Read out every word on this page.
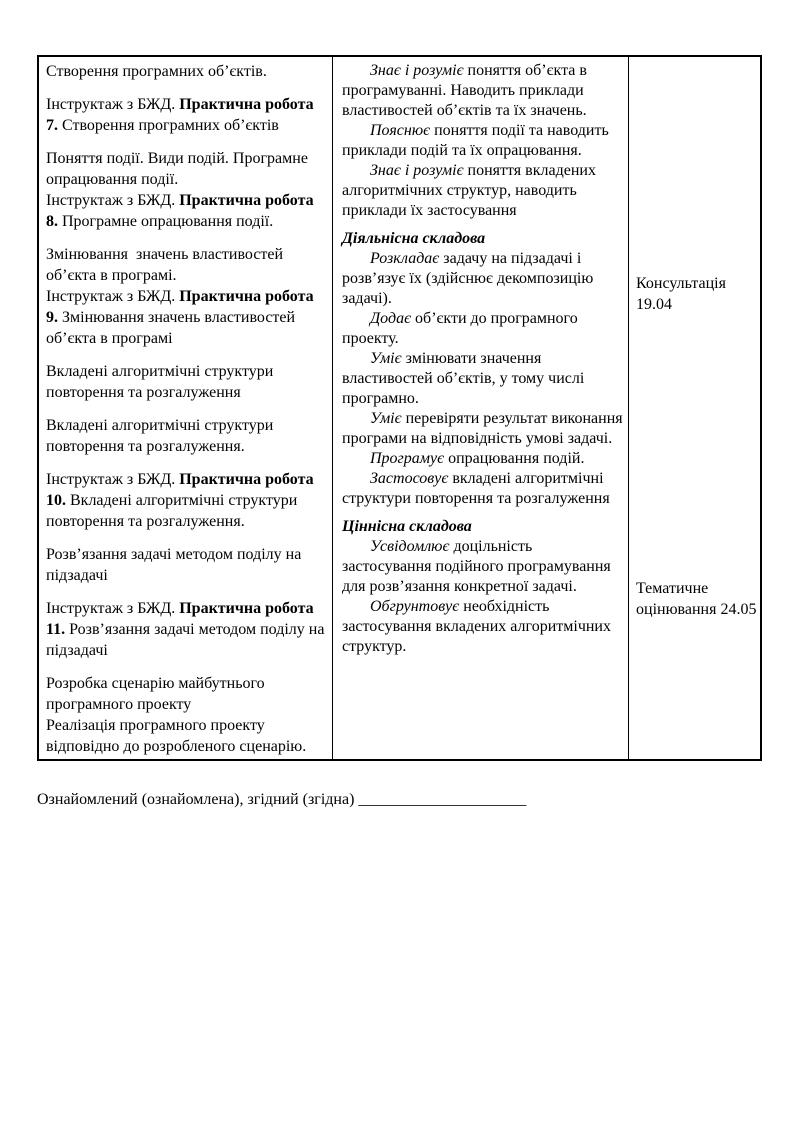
Створення програмних об’єктів.

Інструктаж з БЖД. Практична робота 7. Створення програмних об’єктів

Поняття події. Види подій. Програмне опрацювання події.

Інструктаж з БЖД. Практична робота 8. Програмне опрацювання події.

Змінювання  значень властивостей об’єкта в програмі.

Інструктаж з БЖД. Практична робота 9. Змінювання значень властивостей об’єкта в програмі

Вкладені алгоритмічні структури повторення та розгалуження

Вкладені алгоритмічні структури повторення та розгалуження.

Інструктаж з БЖД. Практична робота 10. Вкладені алгоритмічні структури повторення та розгалуження.

Розв’язання задачі методом поділу на підзадачі

Інструктаж з БЖД. Практична робота 11. Розв’язання задачі методом поділу на підзадачі

Розробка сценарію майбутнього програмного проекту

Реалізація програмного проекту відповідно до розробленого сценарію.

Знає і розуміє поняття об’єкта в програмуванні. Наводить приклади властивостей об’єктів та їх значень.

Пояснює поняття події та наводить приклади подій та їх опрацювання.

Знає і розуміє поняття вкладених алгоритмічних структур, наводить приклади їх застосування

Діяльнісна складова

Розкладає задачу на підзадачі і розв’язує їх (здійснює декомпозицію задачі).

Додає об’єкти до програмного проекту.

Уміє змінювати значення властивостей об’єктів, у тому числі програмно.

Уміє перевіряти результат виконання програми на відповідність умові задачі.

Програмує опрацювання подій.

Застосовує вкладені алгоритмічні структури повторення та розгалуження

Ціннісна складова

Усвідомлює доцільність застосування подійного програмування для розв’язання конкретної задачі.

Обгрунтовує необхідність застосування вкладених алгоритмічних структур.

Консультація 19.04
Тематичне оцінювання 24.05
Ознайомлений (ознайомлена), згідний (згідна) _____________________
